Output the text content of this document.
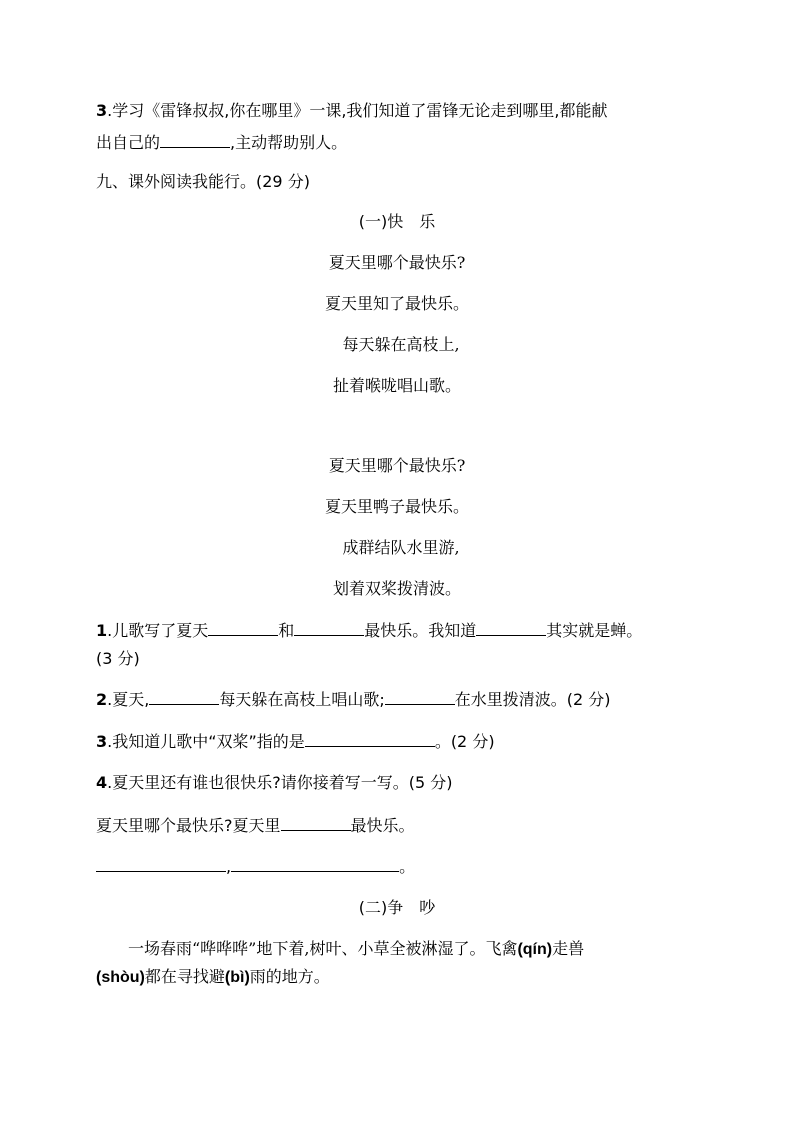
3.学习《雷锋叔叔,你在哪里》一课,我们知道了雷锋无论走到哪里,都能献
出自己的	,主动帮助别人。
九、课外阅读我能行。(29 分)
(一)快　乐
夏天里哪个最快乐?
夏天里知了最快乐。
每天躲在高枝上,
扯着喉咙唱山歌。
夏天里哪个最快乐?
夏天里鸭子最快乐。
成群结队水里游,
划着双桨拨清波。
1.儿歌写了夏天	和	最快乐。我知道	其实就是蝉。
(3 分)
2.夏天,	每天躲在高枝上唱山歌;	在水里拨清波。(2 分)
3.我知道儿歌中“双桨”指的是	。(2 分)
4.夏天里还有谁也很快乐?请你接着写一写。(5 分)
夏天里哪个最快乐?夏天里	最快乐。
,	。
(二)争　吵
一场春雨“哗哗哗”地下着,树叶、小草全被淋湿了。飞禽(qín)走兽
(shòu)都在寻找避(bì)雨的地方。
